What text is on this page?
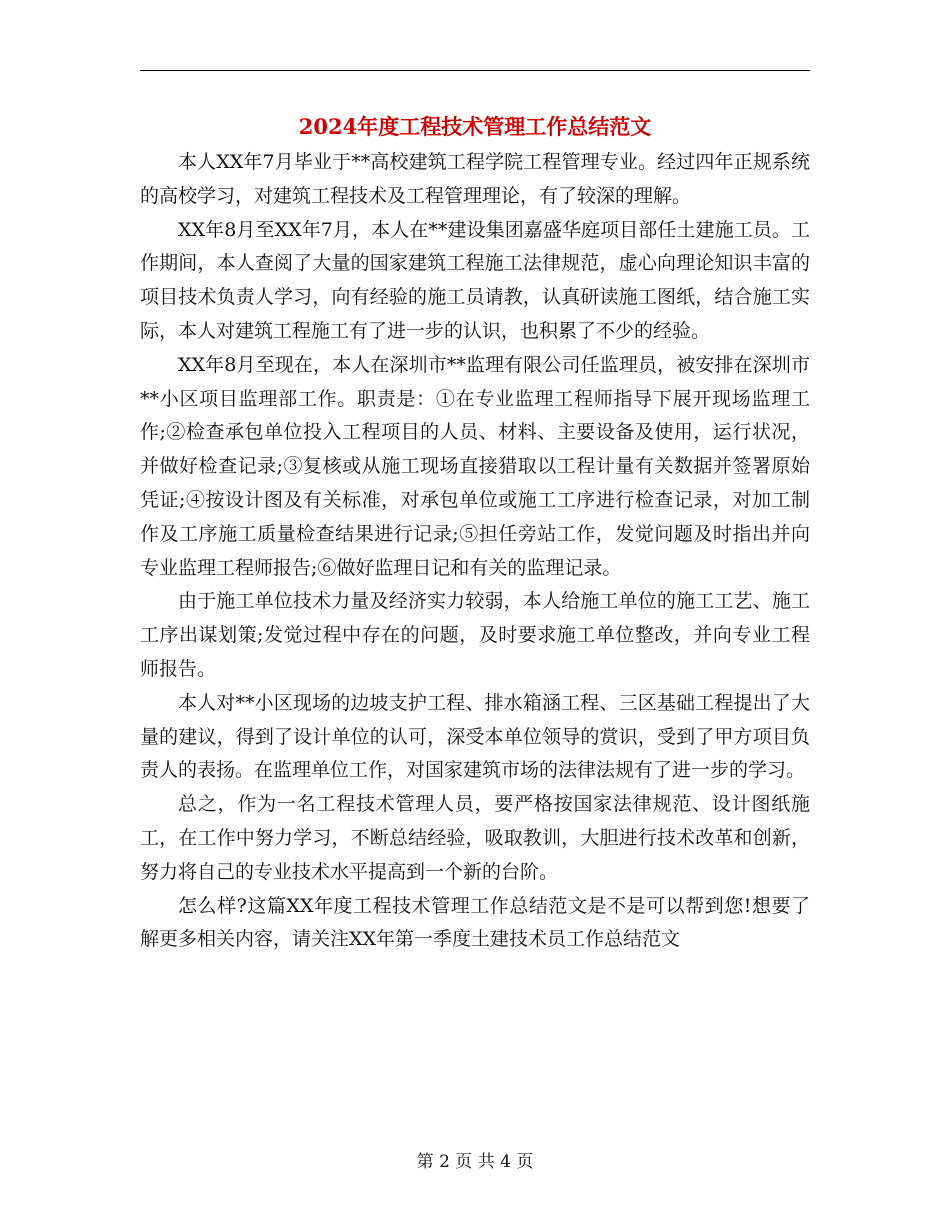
2024年度工程技术管理工作总结范文

本人XX年7月毕业于**高校建筑工程学院工程管理专业。经过四年正规系统的高校学习，对建筑工程技术及工程管理理论，有了较深的理解。

XX年8月至XX年7月，本人在**建设集团嘉盛华庭项目部任土建施工员。工作期间，本人查阅了大量的国家建筑工程施工法律规范，虚心向理论知识丰富的项目技术负责人学习，向有经验的施工员请教，认真研读施工图纸，结合施工实际，本人对建筑工程施工有了进一步的认识，也积累了不少的经验。

XX年8月至现在，本人在深圳市**监理有限公司任监理员，被安排在深圳市**小区项目监理部工作。职责是：①在专业监理工程师指导下展开现场监理工作;②检查承包单位投入工程项目的人员、材料、主要设备及使用，运行状况，并做好检查记录;③复核或从施工现场直接猎取以工程计量有关数据并签署原始凭证;④按设计图及有关标准，对承包单位或施工工序进行检查记录，对加工制作及工序施工质量检查结果进行记录;⑤担任旁站工作，发觉问题及时指出并向专业监理工程师报告;⑥做好监理日记和有关的监理记录。

由于施工单位技术力量及经济实力较弱，本人给施工单位的施工工艺、施工工序出谋划策;发觉过程中存在的问题，及时要求施工单位整改，并向专业工程师报告。

本人对**小区现场的边坡支护工程、排水箱涵工程、三区基础工程提出了大量的建议，得到了设计单位的认可，深受本单位领导的赏识，受到了甲方项目负责人的表扬。在监理单位工作，对国家建筑市场的法律法规有了进一步的学习。

总之，作为一名工程技术管理人员，要严格按国家法律规范、设计图纸施工，在工作中努力学习，不断总结经验，吸取教训，大胆进行技术改革和创新，努力将自己的专业技术水平提高到一个新的台阶。

怎么样?这篇XX年度工程技术管理工作总结范文是不是可以帮到您!想要了解更多相关内容，请关注XX年第一季度土建技术员工作总结范文

第 2 页 共 4 页
